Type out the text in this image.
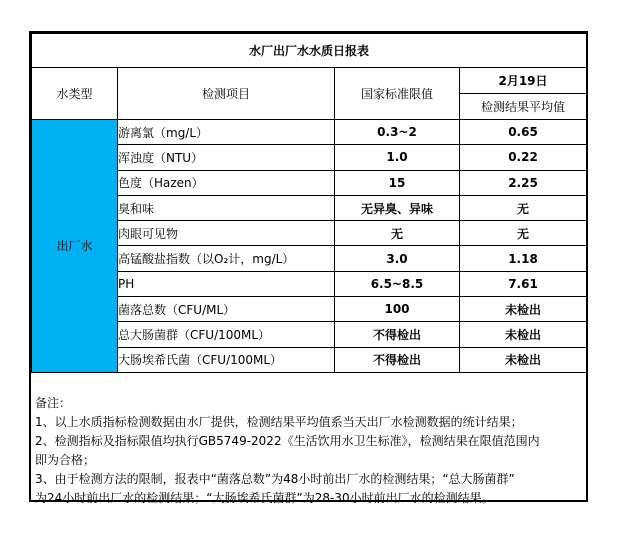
水厂出厂水水质日报表			
水类型	检测项目	国家标准限值	2月19日
			检测结果平均值
出厂水	游离氯（mg/L）	0.3~2	0.65
	浑浊度（NTU）	1.0	0.22
	色度（Hazen）	15	2.25
	臭和味	无异臭、异味	无
	肉眼可见物	无	无
	高锰酸盐指数（以O₂计，mg/L）	3.0	1.18
	PH	6.5~8.5	7.61
	菌落总数（CFU/ML）	100	未检出
	总大肠菌群（CFU/100ML）	不得检出	未检出
	大肠埃希氏菌（CFU/100ML）	不得检出	未检出
备注：
1、以上水质指标检测数据由水厂提供，检测结果平均值系当天出厂水检测数据的统计结果；
2、检测指标及指标限值均执行GB5749-2022《生活饮用水卫生标准》，检测结果在限值范围内
即为合格；
3、由于检测方法的限制，报表中“菌落总数”为48小时前出厂水的检测结果；“总大肠菌群”
为24小时前出厂水的检测结果；“大肠埃希氏菌群”为28-30小时前出厂水的检测结果。
